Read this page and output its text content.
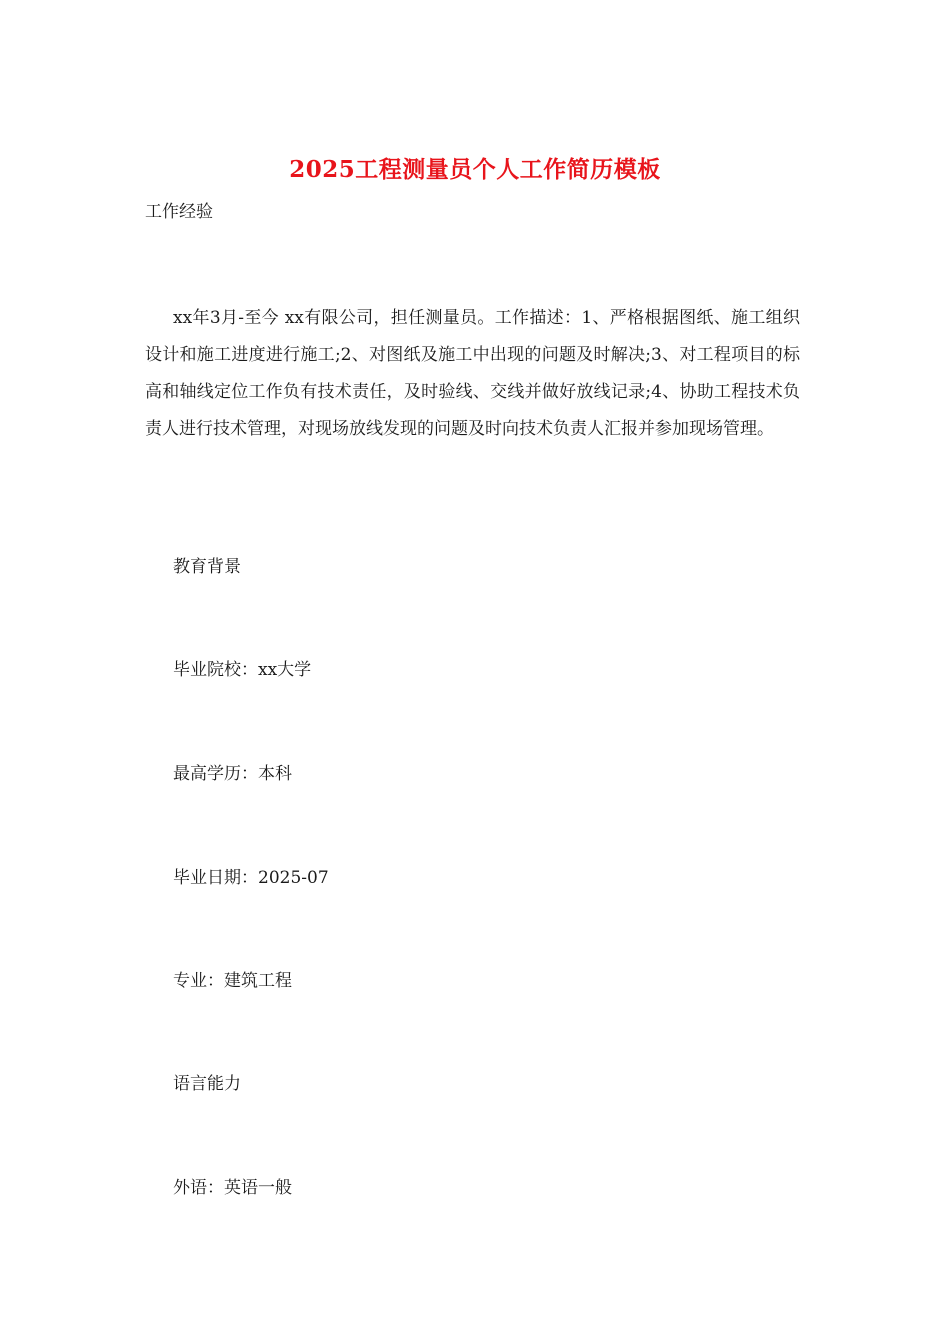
2025工程测量员个人工作简历模板
工作经验

xx年3月-至今 xx有限公司，担任测量员。工作描述：1、严格根据图纸、施工组织设计和施工进度进行施工;2、对图纸及施工中出现的问题及时解决;3、对工程项目的标高和轴线定位工作负有技术责任，及时验线、交线并做好放线记录;4、协助工程技术负责人进行技术管理，对现场放线发现的问题及时向技术负责人汇报并参加现场管理。

教育背景
毕业院校：xx大学
最高学历：本科
毕业日期：2025-07
专业：建筑工程
语言能力
外语：英语一般
